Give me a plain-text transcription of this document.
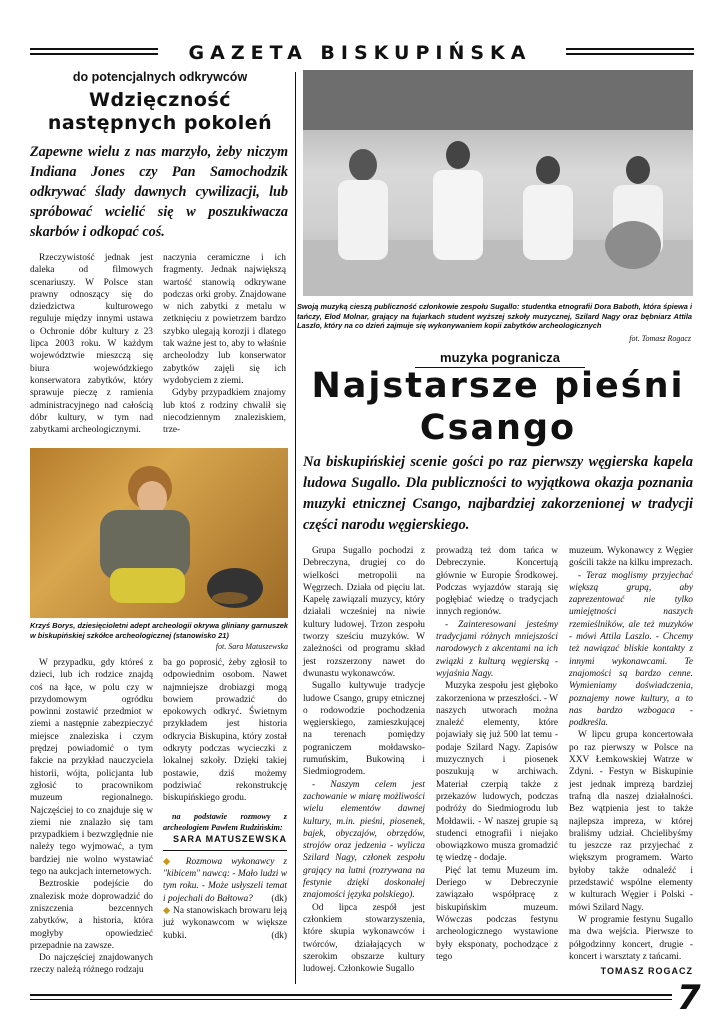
GAZETA BISKUPIŃSKA
do potencjalnych odkrywców
Wdzięczność
następnych pokoleń
Zapewne wielu z nas marzyło, żeby niczym Indiana Jones czy Pan Samochodzik odkrywać ślady dawnych cywilizacji, lub spróbować wcielić się w poszukiwacza skarbów i odkopać coś.

Rzeczywistość jednak jest daleka od filmowych scenariuszy. W Polsce stan prawny odnoszący się do dziedzictwa kulturowego reguluje między innymi ustawa o Ochronie dóbr kultury z 23 lipca 2003 roku. W każdym województwie mieszczą się biura wojewódzkiego konserwatora zabytków, który sprawuje pieczę z ramienia administracyjnego nad całością dóbr kultury, w tym nad zabytkami archeologicznymi.

naczynia ceramiczne i ich fragmenty. Jednak największą wartość stanowią odkrywane podczas orki groby. Znajdowane w nich zabytki z metalu w zetknięciu z powietrzem bardzo szybko ulegają korozji i dlatego tak ważne jest to, aby to właśnie archeolodzy lub konserwator zabytków zajęli się ich wydobyciem z ziemi.

Gdyby przypadkiem znajomy lub ktoś z rodziny chwalił się niecodziennym znaleziskiem, trze-

Krzyś Borys, dziesięcioletni adept archeologii okrywa gliniany garnuszek w biskupińskiej szkółce archeologicznej (stanowisko 21)
fot. Sara Matuszewska

W przypadku, gdy któreś z dzieci, lub ich rodzice znajdą coś na łące, w polu czy w przydomowym ogródku powinni zostawić przedmiot w ziemi a następnie zabezpieczyć miejsce znaleziska i czym prędzej powiadomić o tym fakcie na przykład nauczyciela historii, wójta, policjanta lub zgłosić to pracownikom muzeum regionalnego. Najczęściej to co znajduje się w ziemi nie znalazło się tam przypadkiem i bezwzględnie nie należy tego wyjmować, a tym bardziej nie wolno wystawiać tego na aukcjach internetowych.

Beztroskie podejście do znalezisk może doprowadzić do zniszczenia bezcennych zabytków, a historia, która mogłyby opowiedzieć przepadnie na zawsze.

Do najczęściej znajdowanych rzeczy należą różnego rodzaju

ba go poprosić, żeby zgłosił to odpowiednim osobom. Nawet najmniejsze drobiazgi mogą bowiem prowadzić do epokowych odkryć. Świetnym przykładem jest historia odkrycia Biskupina, który został odkryty podczas wycieczki z lokalnej szkoły. Dzięki takiej postawie, dziś możemy podziwiać rekonstrukcję biskupińskiego grodu.

na podstawie rozmowy z archeologiem Pawłem Rudzińskim:

SARA MATUSZEWSKA

◆ Rozmowa wykonawcy z "kibicem" nawcą: - Mało ludzi w tym roku. - Może usłyszeli temat i pojechali do Bałtowa? (dk)

◆ Na stanowiskach browaru leją już wykonawcom w większe kubki.	(dk)

Swoją muzyką cieszą publiczność członkowie zespołu Sugallo: studentka etnografii Dora Baboth, która śpiewa i tańczy, Elod Molnar, grający na fujarkach student wyższej szkoły muzycznej, Szilard Nagy oraz bębniarz Attila Laszlo, który na co dzień zajmuje się wykonywaniem kopii zabytków archeologicznych
fot. Tomasz Rogacz
muzyka pogranicza
Najstarsze pieśni
Csango
Na biskupińskiej scenie gości po raz pierwszy węgierska kapela ludowa Sugallo. Dla publiczności to wyjątkowa okazja poznania muzyki etnicznej Csango, najbardziej zakorzenionej w tradycji części narodu węgierskiego.

Grupa Sugallo pochodzi z Debreczyna, drugiej co do wielkości metropolii na Węgrzech. Działa od pięciu lat. Kapelę zawiązali muzycy, który działali wcześniej na niwie kultury ludowej. Trzon zespołu tworzy sześciu muzyków. W zależności od programu skład jest rozszerzony nawet do dwunastu wykonawców.

Sugallo kultywuje tradycje ludowe Csango, grupy etnicznej o rodowodzie pochodzenia węgierskiego, zamieszkującej na terenach pomiędzy pograniczem mołdawsko-rumuńskim, Bukowiną i Siedmiogrodem.

- Naszym celem jest zachowanie w miarę możliwości wielu elementów dawnej kultury, m.in. pieśni, piosenek, bajek, obyczajów, obrzędów, strojów oraz jedzenia - wylicza Szilard Nagy, członek zespołu grający na lutni (rozrywana na festynie dzięki doskonałej znajomości języka polskiego).

Od lipca zespół jest członkiem stowarzyszenia, które skupia wykonawców i twórców, działających w szerokim obszarze kultury ludowej. Członkowie Sugallo

prowadzą też dom tańca w Debreczynie. Koncertują głównie w Europie Środkowej. Podczas wyjazdów starają się pogłębiać wiedzę o tradycjach innych regionów.

- Zainteresowani jesteśmy tradycjami różnych mniejszości narodowych z akcentami na ich związki z kulturą węgierską - wyjaśnia Nagy.

Muzyka zespołu jest głęboko zakorzeniona w przeszłości. - W naszych utworach można znaleźć elementy, które pojawiały się już 500 lat temu - podaje Szilard Nagy. Zapisów muzycznych i piosenek poszukują w archiwach. Materiał czerpią także z przekazów ludowych, podczas podróży do Siedmiogrodu lub Mołdawii. - W naszej grupie są studenci etnografii i niejako obowiązkowo musza gromadzić tę wiedzę - dodaje.

Pięć lat temu Muzeum im. Deriego w Debreczynie zawiązało współpracę z biskupińskim muzeum. Wówczas podczas festynu archeologicznego wystawione były eksponaty, pochodzące z tego

muzeum. Wykonawcy z Węgier gościli także na kilku imprezach.

- Teraz moglismy przyjechać większą grupą, aby zaprezentować nie tylko umiejętności naszych rzemieślników, ale też muzyków - mówi Attila Laszlo. - Chcemy też nawiązać bliskie kontakty z innymi wykonawcami. Te znajomości są bardzo cenne. Wymieniamy doświadczenia, poznajemy nowe kultury, a to nas bardzo wzbogaca - podkreśla.

W lipcu grupa koncertowała po raz pierwszy w Polsce na XXV Łemkowskiej Watrze w Zdyni. - Festyn w Biskupinie jest jednak imprezą bardziej trafną dla naszej działalności. Bez wątpienia jest to także najlepsza impreza, w której braliśmy udział. Chcielibyśmy tu jeszcze raz przyjechać z większym programem. Warto byłoby także odnaleźć i przedstawić wspólne elementy w kulturach Węgier i Polski - mówi Szilard Nagy.

W programie festynu Sugallo ma dwa wejścia. Pierwsze to półgodzinny koncert, drugie - koncert i warsztaty z tańcami.

TOMASZ ROGACZ
7
